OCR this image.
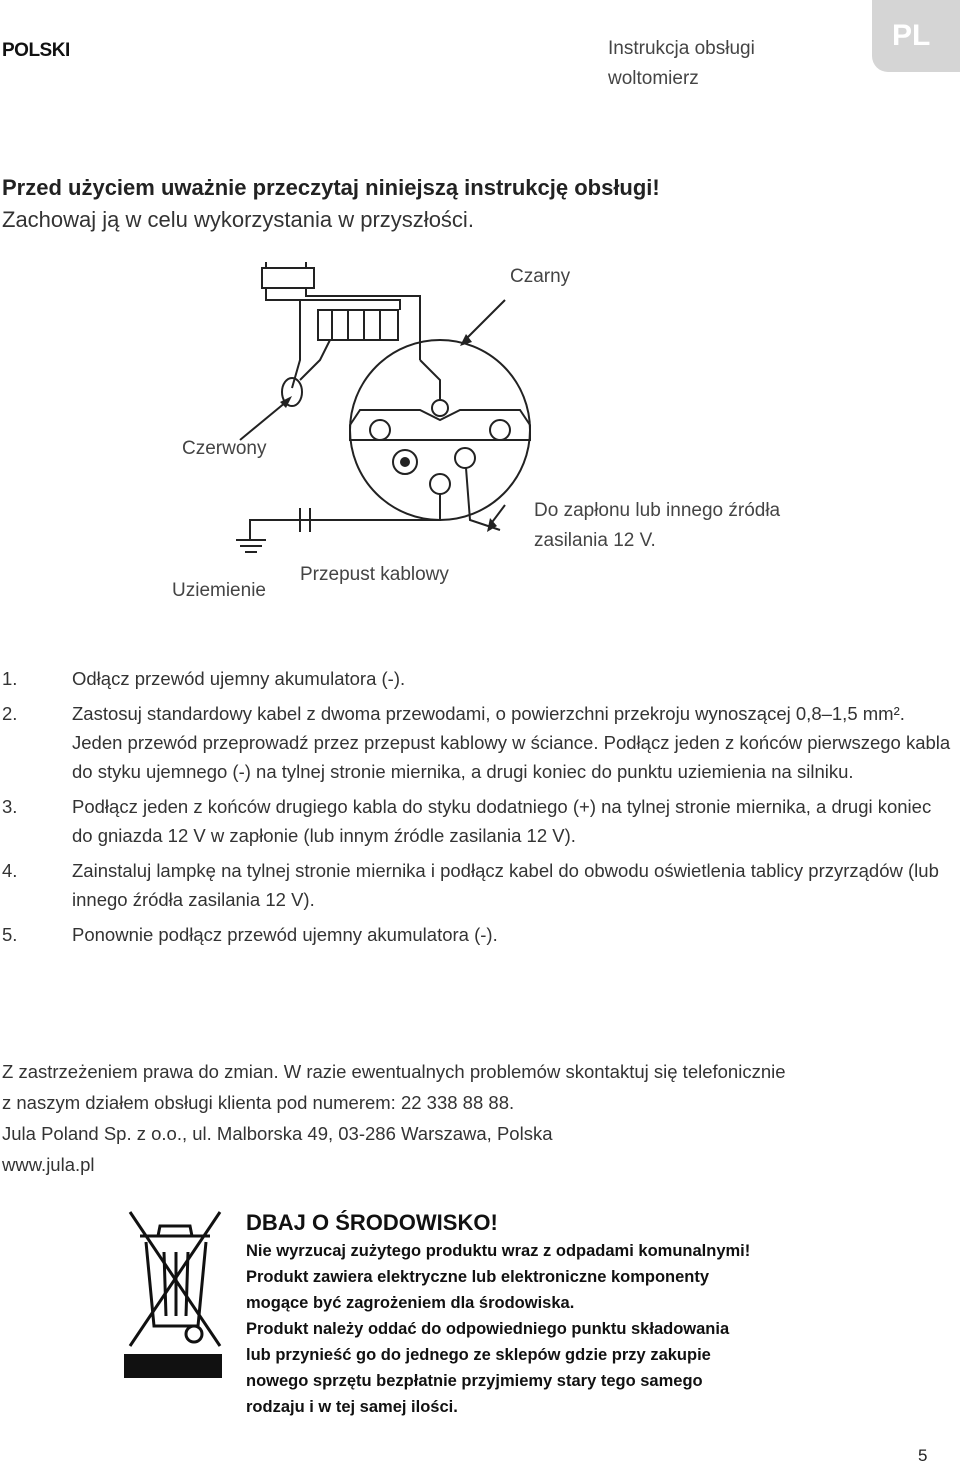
POLSKI	Instrukcja obsługi
woltomierz
PL
Przed użyciem uważnie przeczytaj niniejszą instrukcję obsługi!
Zachowaj ją w celu wykorzystania w przyszłości.
Czarny
Czerwony
Do zapłonu lub innego źródła
zasilania 12 V.
Uziemienie
Przepust kablowy
1.	Odłącz przewód ujemny akumulatora (-).
2.	Zastosuj standardowy kabel z dwoma przewodami, o powierzchni przekroju wynoszącej 0,8–1,5 mm². Jeden przewód przeprowadź przez przepust kablowy w ściance. Podłącz jeden z końców pierwszego kabla do styku ujemnego (-) na tylnej stronie miernika, a drugi koniec do punktu uziemienia na silniku.
3.	Podłącz jeden z końców drugiego kabla do styku dodatniego (+) na tylnej stronie miernika, a drugi koniec do gniazda 12 V w zapłonie (lub innym źródle zasilania 12 V).
4.	Zainstaluj lampkę na tylnej stronie miernika i podłącz kabel do obwodu oświetlenia tablicy przyrządów (lub innego źródła zasilania 12 V).
5.	Ponownie podłącz przewód ujemny akumulatora (-).
Z zastrzeżeniem prawa do zmian. W razie ewentualnych problemów skontaktuj się telefonicznie
z naszym działem obsługi klienta pod numerem: 22 338 88 88.
Jula Poland Sp. z o.o., ul. Malborska 49, 03-286 Warszawa, Polska
www.jula.pl
DBAJ O ŚRODOWISKO!
Nie wyrzucaj zużytego produktu wraz z odpadami komunalnymi!
Produkt zawiera elektryczne lub elektroniczne komponenty
mogące być zagrożeniem dla środowiska.
Produkt należy oddać do odpowiedniego punktu składowania
lub przynieść go do jednego ze sklepów gdzie przy zakupie
nowego sprzętu bezpłatnie przyjmiemy stary tego samego
rodzaju i w tej samej ilości.
5
